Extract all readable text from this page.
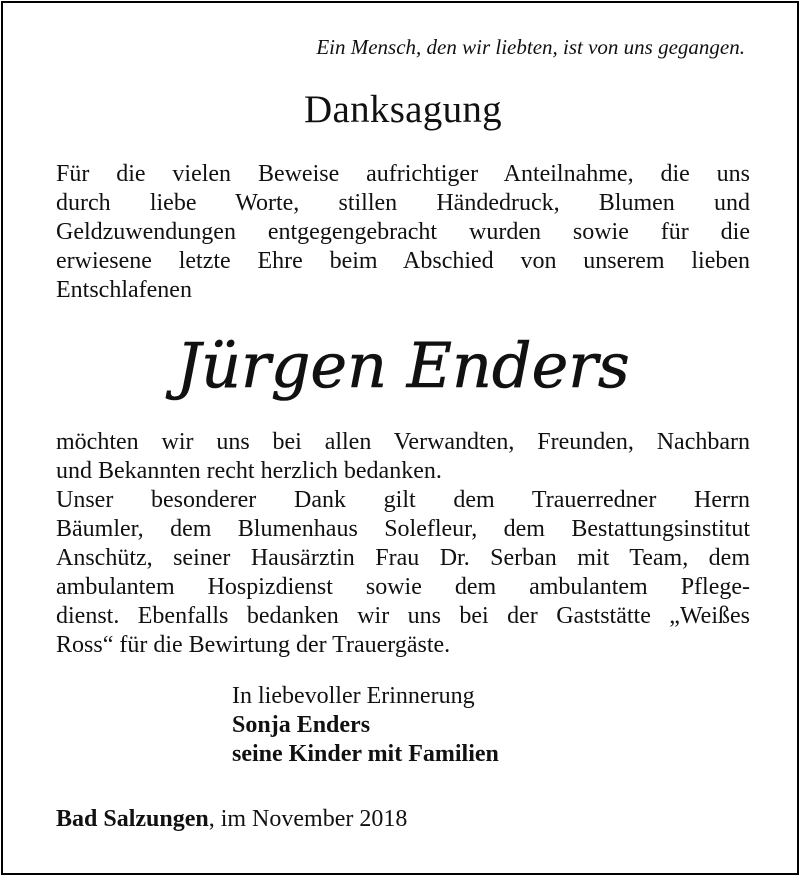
Ein Mensch, den wir liebten, ist von uns gegangen.
Danksagung

Für die vielen Beweise aufrichtiger Anteilnahme, die uns
durch liebe Worte, stillen Händedruck, Blumen und
Geldzuwendungen entgegengebracht wurden sowie für die
erwiesene letzte Ehre beim Abschied von unserem lieben
Entschlafenen

Jürgen Enders

möchten wir uns bei allen Verwandten, Freunden, Nachbarn
und Bekannten recht herzlich bedanken.
Unser besonderer Dank gilt dem Trauerredner Herrn
Bäumler, dem Blumenhaus Solefleur, dem Bestattungsinstitut
Anschütz, seiner Hausärztin Frau Dr. Serban mit Team, dem
ambulantem Hospizdienst sowie dem ambulantem Pflege-
dienst. Ebenfalls bedanken wir uns bei der Gaststätte „Weißes
Ross“ für die Bewirtung der Trauergäste.

In liebevoller Erinnerung
Sonja Enders
seine Kinder mit Familien
Bad Salzungen, im November 2018
